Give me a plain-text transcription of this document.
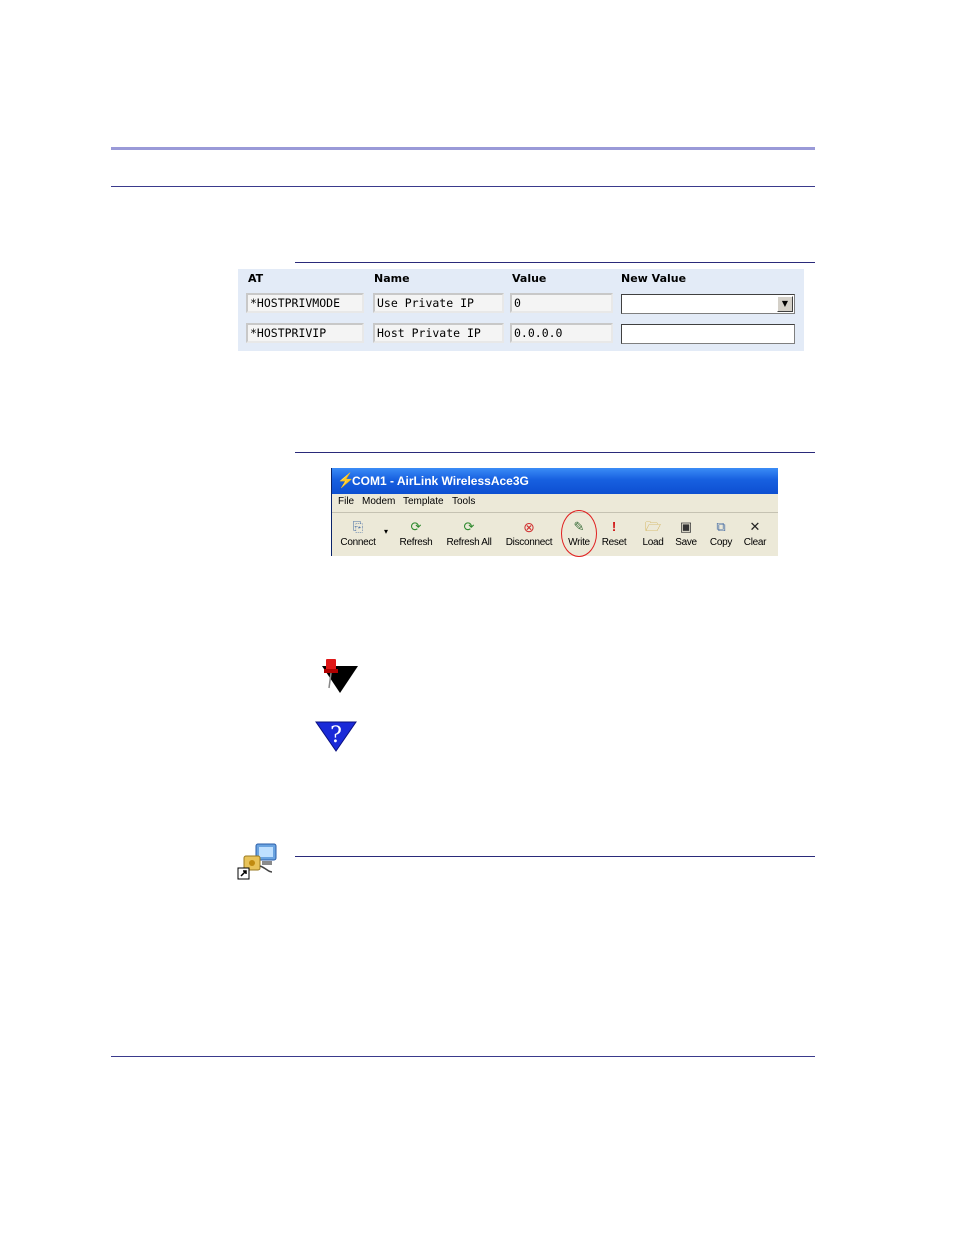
AT	Name	Value	New Value
*HOSTPRIVMODE	Use Private IP	0	▼
*HOSTPRIVIP	Host Private IP	0.0.0.0
⚡
COM1 - AirLink WirelessAce3G
File Modem Template Tools
⎘
Connect
▾ ⟳
Refresh
⟳
Refresh All
⊗
Disconnect
✎
Write
!
Reset
🗁
Load
▣
Save
⧉
Copy
✕
Clear
?
